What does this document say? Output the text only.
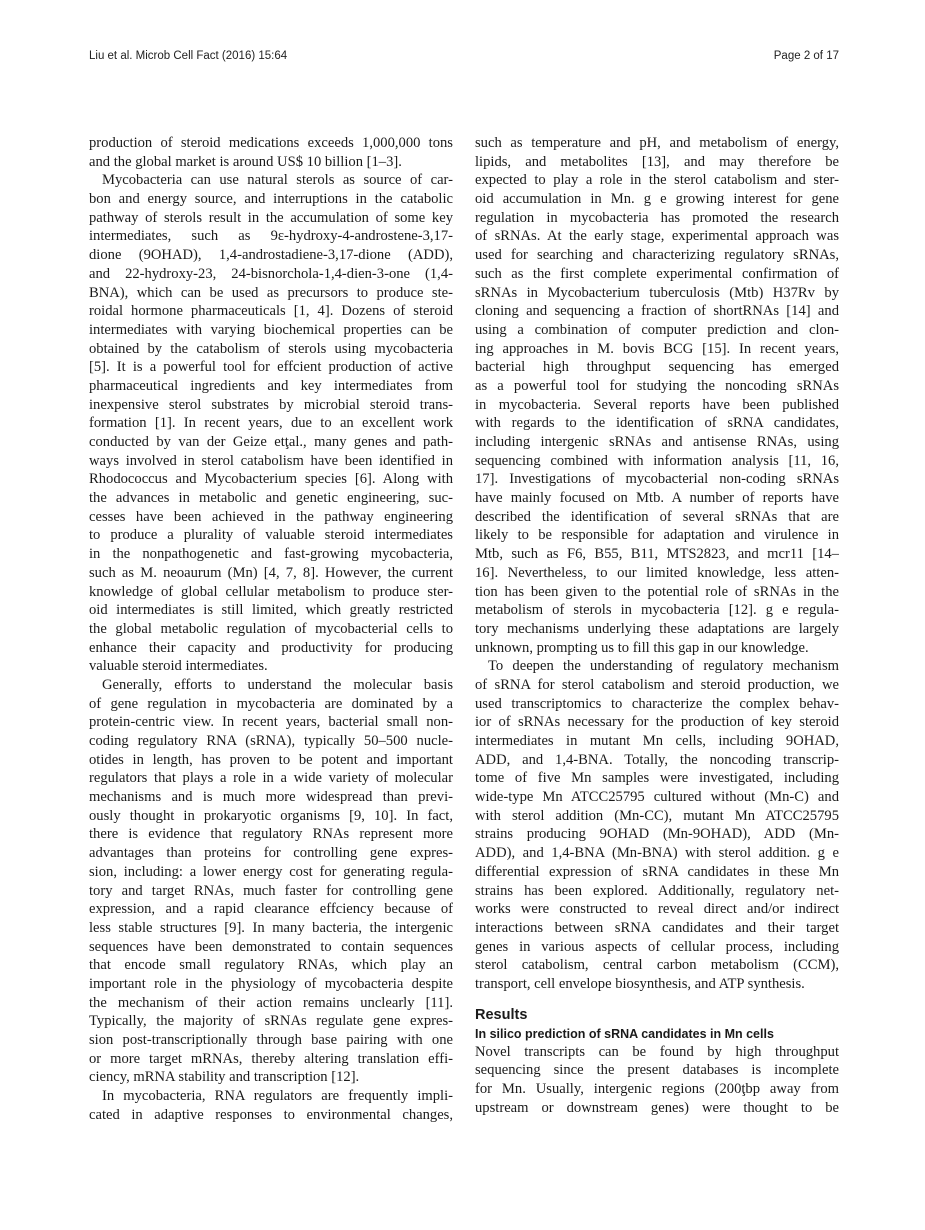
Liu et al. Microb Cell Fact (2016) 15:64	Page 2 of 17
production of steroid medications exceeds 1,000,000 tons
and the global market is around US$ 10 billion [1–3].
Mycobacteria can use natural sterols as source of car-
bon and energy source, and interruptions in the catabolic
pathway of sterols result in the accumulation of some key
intermediates, such as 9ε-hydroxy-4-androstene-3,17-
dione (9OHAD), 1,4-androstadiene-3,17-dione (ADD),
and 22-hydroxy-23, 24-bisnorchola-1,4-dien-3-one (1,4-
BNA), which can be used as precursors to produce ste-
roidal hormone pharmaceuticals [1, 4]. Dozens of steroid
intermediates with varying biochemical properties can be
obtained by the catabolism of sterols using mycobacteria
[5]. It is a powerful tool for effcient production of active
pharmaceutical ingredients and key intermediates from
inexpensive sterol substrates by microbial steroid trans-
formation [1]. In recent years, due to an excellent work
conducted by van der Geize etţal., many genes and path-
ways involved in sterol catabolism have been identified in
Rhodococcus and Mycobacterium species [6]. Along with
the advances in metabolic and genetic engineering, suc-
cesses have been achieved in the pathway engineering
to produce a plurality of valuable steroid intermediates
in the nonpathogenetic and fast-growing mycobacteria,
such as M. neoaurum (Mn) [4, 7, 8]. However, the current
knowledge of global cellular metabolism to produce ster-
oid intermediates is still limited, which greatly restricted
the global metabolic regulation of mycobacterial cells to
enhance their capacity and productivity for producing
valuable steroid intermediates.
Generally, efforts to understand the molecular basis
of gene regulation in mycobacteria are dominated by a
protein-centric view. In recent years, bacterial small non-
coding regulatory RNA (sRNA), typically 50–500 nucle-
otides in length, has proven to be potent and important
regulators that plays a role in a wide variety of molecular
mechanisms and is much more widespread than previ-
ously thought in prokaryotic organisms [9, 10]. In fact,
there is evidence that regulatory RNAs represent more
advantages than proteins for controlling gene expres-
sion, including: a lower energy cost for generating regula-
tory and target RNAs, much faster for controlling gene
expression, and a rapid clearance effciency because of
less stable structures [9]. In many bacteria, the intergenic
sequences have been demonstrated to contain sequences
that encode small regulatory RNAs, which play an
important role in the physiology of mycobacteria despite
the mechanism of their action remains unclearly [11].
Typically, the majority of sRNAs regulate gene expres-
sion post-transcriptionally through base pairing with one
or more target mRNAs, thereby altering translation effi-
ciency, mRNA stability and transcription [12].
In mycobacteria, RNA regulators are frequently impli-
cated in adaptive responses to environmental changes,
such as temperature and pH, and metabolism of energy,
lipids, and metabolites [13], and may therefore be
expected to play a role in the sterol catabolism and ster-
oid accumulation in Mn. g e growing interest for gene
regulation in mycobacteria has promoted the research
of sRNAs. At the early stage, experimental approach was
used for searching and characterizing regulatory sRNAs,
such as the first complete experimental confirmation of
sRNAs in Mycobacterium tuberculosis (Mtb) H37Rv by
cloning and sequencing a fraction of shortRNAs [14] and
using a combination of computer prediction and clon-
ing approaches in M. bovis BCG [15]. In recent years,
bacterial high throughput sequencing has emerged
as a powerful tool for studying the noncoding sRNAs
in mycobacteria. Several reports have been published
with regards to the identification of sRNA candidates,
including intergenic sRNAs and antisense RNAs, using
sequencing combined with information analysis [11, 16,
17]. Investigations of mycobacterial non-coding sRNAs
have mainly focused on Mtb. A number of reports have
described the identification of several sRNAs that are
likely to be responsible for adaptation and virulence in
Mtb, such as F6, B55, B11, MTS2823, and mcr11 [14–
16]. Nevertheless, to our limited knowledge, less atten-
tion has been given to the potential role of sRNAs in the
metabolism of sterols in mycobacteria [12]. g e regula-
tory mechanisms underlying these adaptations are largely
unknown, prompting us to fill this gap in our knowledge.
To deepen the understanding of regulatory mechanism
of sRNA for sterol catabolism and steroid production, we
used transcriptomics to characterize the complex behav-
ior of sRNAs necessary for the production of key steroid
intermediates in mutant Mn cells, including 9OHAD,
ADD, and 1,4-BNA. Totally, the noncoding transcrip-
tome of five Mn samples were investigated, including
wide-type Mn ATCC25795 cultured without (Mn-C) and
with sterol addition (Mn-CC), mutant Mn ATCC25795
strains producing 9OHAD (Mn-9OHAD), ADD (Mn-
ADD), and 1,4-BNA (Mn-BNA) with sterol addition. g e
differential expression of sRNA candidates in these Mn
strains has been explored. Additionally, regulatory net-
works were constructed to reveal direct and/or indirect
interactions between sRNA candidates and their target
genes in various aspects of cellular process, including
sterol catabolism, central carbon metabolism (CCM),
transport, cell envelope biosynthesis, and ATP synthesis.
Results
In silico prediction of sRNA candidates in Mn cells
Novel transcripts can be found by high throughput
sequencing since the present databases is incomplete
for Mn. Usually, intergenic regions (200ţbp away from
upstream or downstream genes) were thought to be
